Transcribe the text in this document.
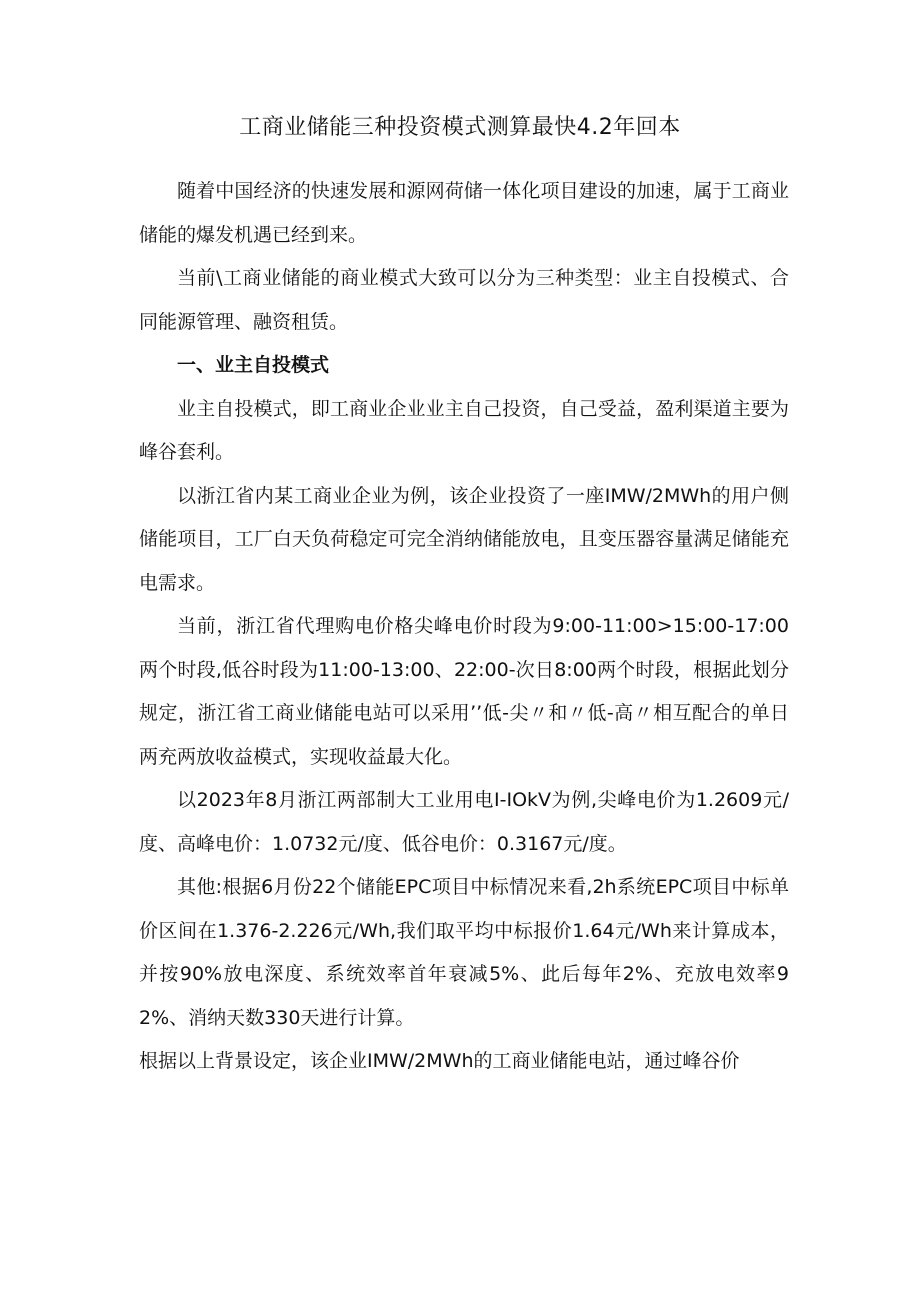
工商业储能三种投资模式测算最快4.2年回本

随着中国经济的快速发展和源网荷储一体化项目建设的加速，属于工商业储能的爆发机遇已经到来。

当前\工商业储能的商业模式大致可以分为三种类型：业主自投模式、合同能源管理、融资租赁。

一、业主自投模式

业主自投模式，即工商业企业业主自己投资，自己受益，盈利渠道主要为峰谷套利。

以浙江省内某工商业企业为例，该企业投资了一座IMW/2MWh的用户侧储能项目，工厂白天负荷稳定可完全消纳储能放电，且变压器容量满足储能充电需求。

当前，浙江省代理购电价格尖峰电价时段为9:00-11:00>15:00-17:00两个时段,低谷时段为11:00-13:00、22:00-次日8:00两个时段，根据此划分规定，浙江省工商业储能电站可以采用’’低-尖〃和〃低-高〃相互配合的单日两充两放收益模式，实现收益最大化。

以2023年8月浙江两部制大工业用电I-IOkV为例,尖峰电价为1.2609元/度、高峰电价：1.0732元/度、低谷电价：0.3167元/度。

其他:根据6月份22个储能EPC项目中标情况来看,2h系统EPC项目中标单价区间在1.376-2.226元/Wh,我们取平均中标报价1.64元/Wh来计算成本，并按90%放电深度、系统效率首年衰减5%、此后每年2%、充放电效率92%、消纳天数330天进行计算。

根据以上背景设定，该企业IMW/2MWh的工商业储能电站，通过峰谷价
